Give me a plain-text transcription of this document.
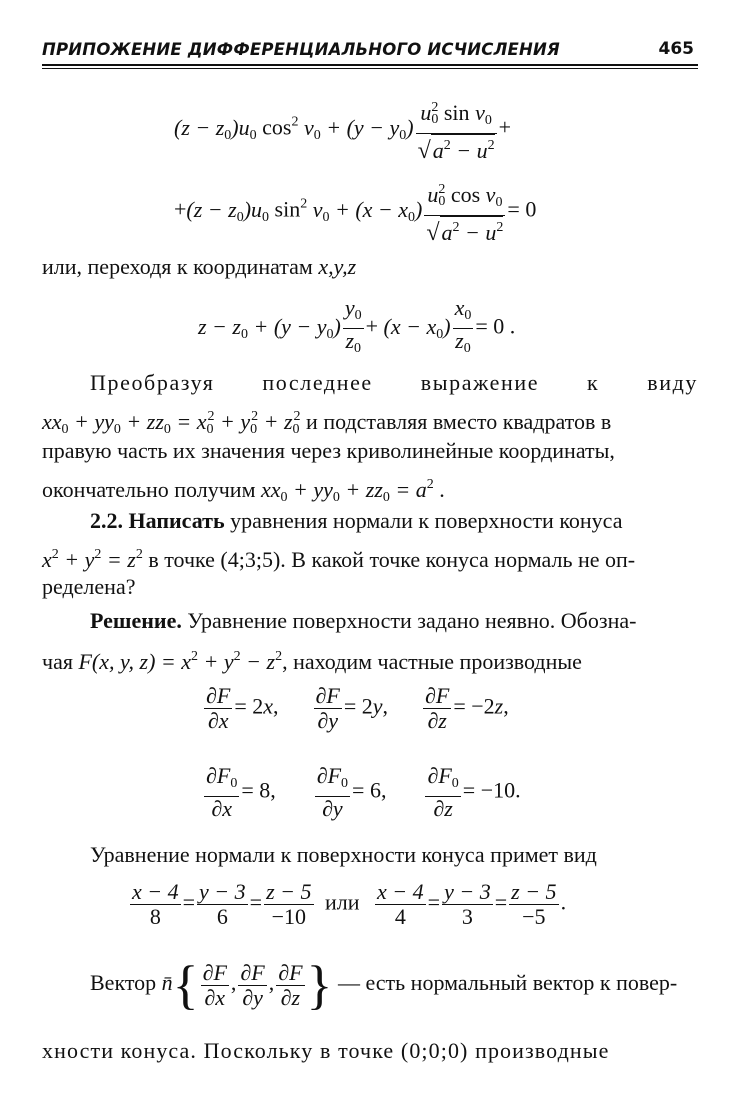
ПРИПОЖЕНИЕ ДИФФЕРЕНЦИАЛЬНОГО ИСЧИСЛЕНИЯ	465
$(z - z_0)u_0$ $\cos^2 v_0 + (y - y_0) \frac{u_0^2 \sin v_0}{√a^2 - u^2}$ +
$+(z - z_0)u_0$ $\sin^2 v_0 + (x - x_0) \frac{u_0^2 \cos v_0}{√a^2 - u^2} = 0$
или, переходя к координатам x,y,z
$z - z_0 + (y - y_0) \frac{y_0}{z_0} + (x - x_0) \frac{x_0}{z_0} = 0$ .
Преобразуя последнее выражение к виду
$xx_0 + yy_0 + zz_0 = x_0^2 + y_0^2 + z_0^2$ и подставляя вместо квадратов в
правую часть их значения через криволинейные координаты,
окончательно получим $xx_0 + yy_0 + zz_0 = a^2$ .
2.2. Написать уравнения нормали к поверхности конуса
$x^2 + y^2 = z^2$ в точке (4;3;5). В какой точке конуса нормаль не оп-
ределена?
Решение. Уравнение поверхности задано неявно. Обозна-
чая F(x, y, $z) = x^2 + y^2 - z^2$, находим частные производные
$\frac{\partial F}{\partial x} = 2x$, $\frac{\partial F}{\partial y} = 2y$, $\frac{\partial F}{\partial z} = -2z$,
$\frac{\partial F_0}{\partial x} = 8$, $\frac{\partial F_0}{\partial y} = 6$, $\frac{\partial F_0}{\partial z} = -10$.
Уравнение нормали к поверхности конуса примет вид
$\frac{x - 4}{8} = \frac{y - 3}{6} = \frac{z - 5}{-10}$ или $\frac{x - 4}{4} = \frac{y - 3}{3} = \frac{z - 5}{-5}$ .
Вектор n̄{ $\frac{\partial F}{\partial x}$ , $\frac{\partial F}{\partial y}$ , $\frac{\partial F}{\partial z}$ } — есть нормальный вектор к повер-
хности конуса. Поскольку в точке (0;0;0) производные
